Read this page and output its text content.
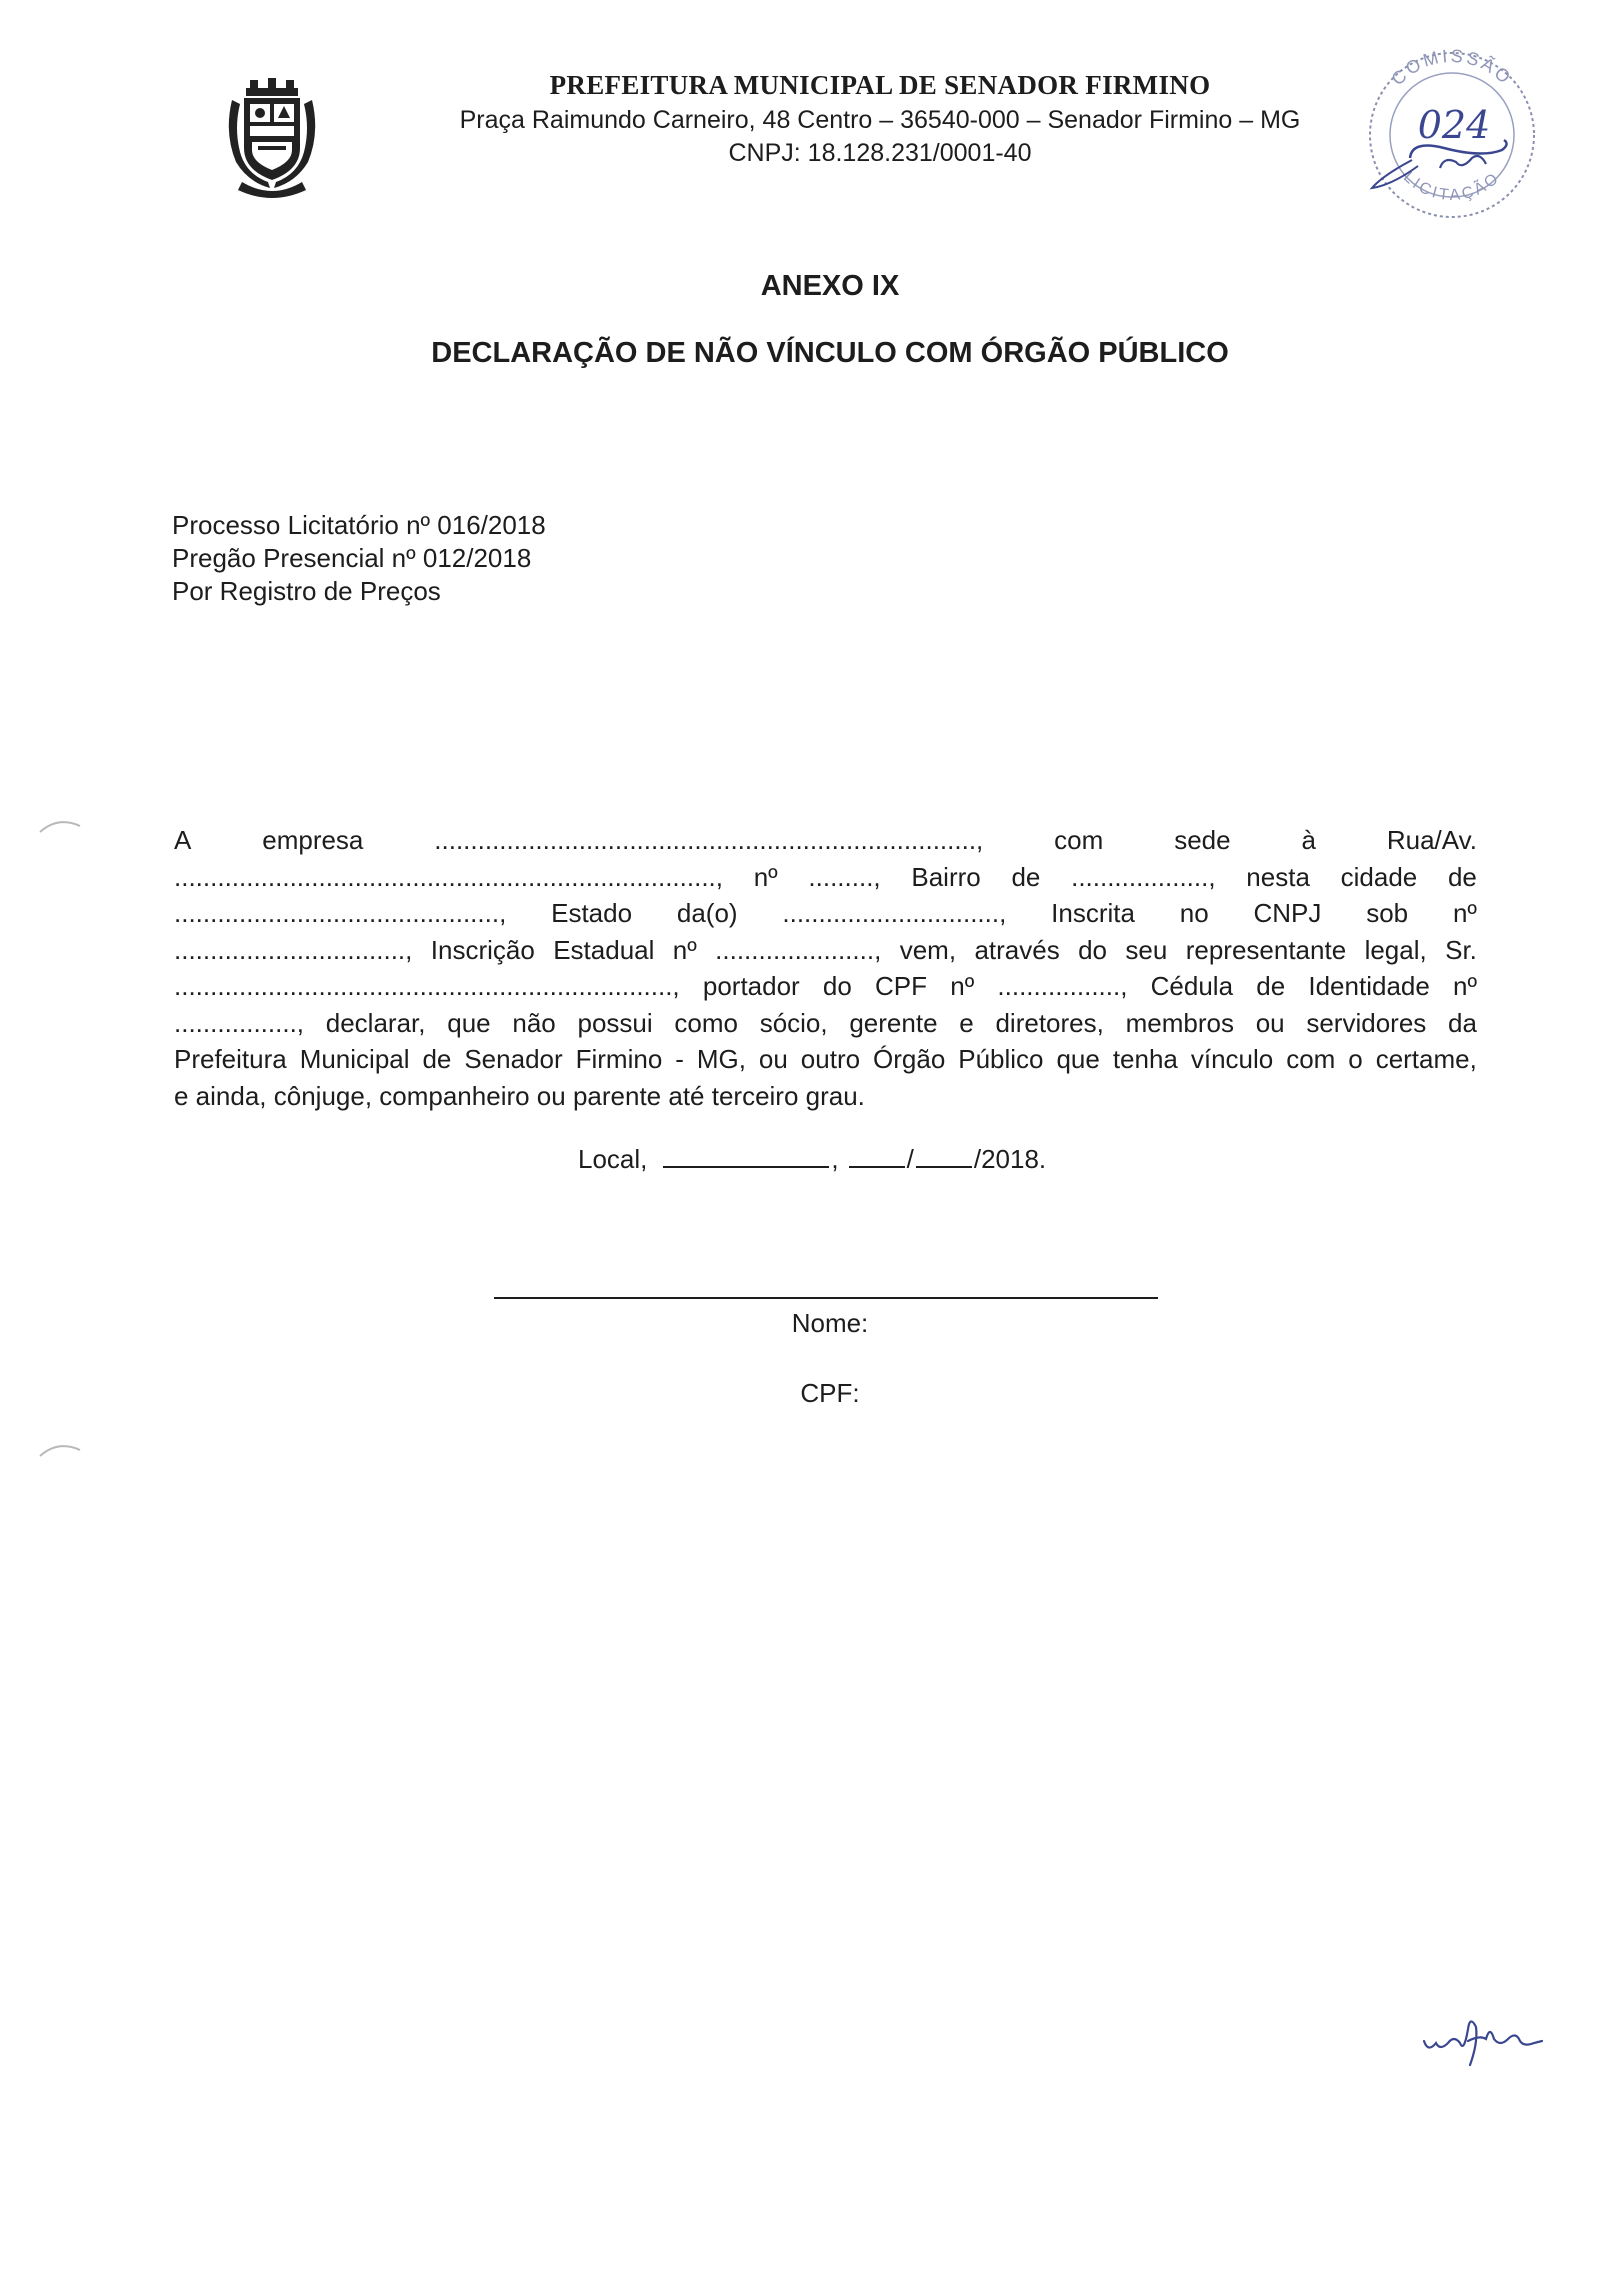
PREFEITURA MUNICIPAL DE SENADOR FIRMINO
Praça Raimundo Carneiro, 48 Centro – 36540-000 – Senador Firmino – MG
CNPJ: 18.128.231/0001-40
COMISSÃO
LICITAÇÃO
024
ANEXO IX
DECLARAÇÃO DE NÃO VÍNCULO COM ÓRGÃO PÚBLICO
Processo Licitatório nº 016/2018
Pregão Presencial nº 012/2018
Por Registro de Preços
A	empresa	...........................................................................,	com	sede	à	Rua/Av.
..........................................................................., nº ........., Bairro de ..................., nesta cidade de
............................................., Estado da(o) .............................., Inscrita no CNPJ sob nº
................................, Inscrição Estadual nº ......................, vem, através do seu representante legal, Sr.
....................................................................., portador do CPF nº ................., Cédula de Identidade nº
................., declarar, que não possui como sócio, gerente e diretores, membros ou servidores da
Prefeitura Municipal de Senador Firmino - MG, ou outro Órgão Público que tenha vínculo com o certame,
e ainda, cônjuge, companheiro ou parente até terceiro grau.
Local,	,	/ /2018.
Nome:
CPF:
